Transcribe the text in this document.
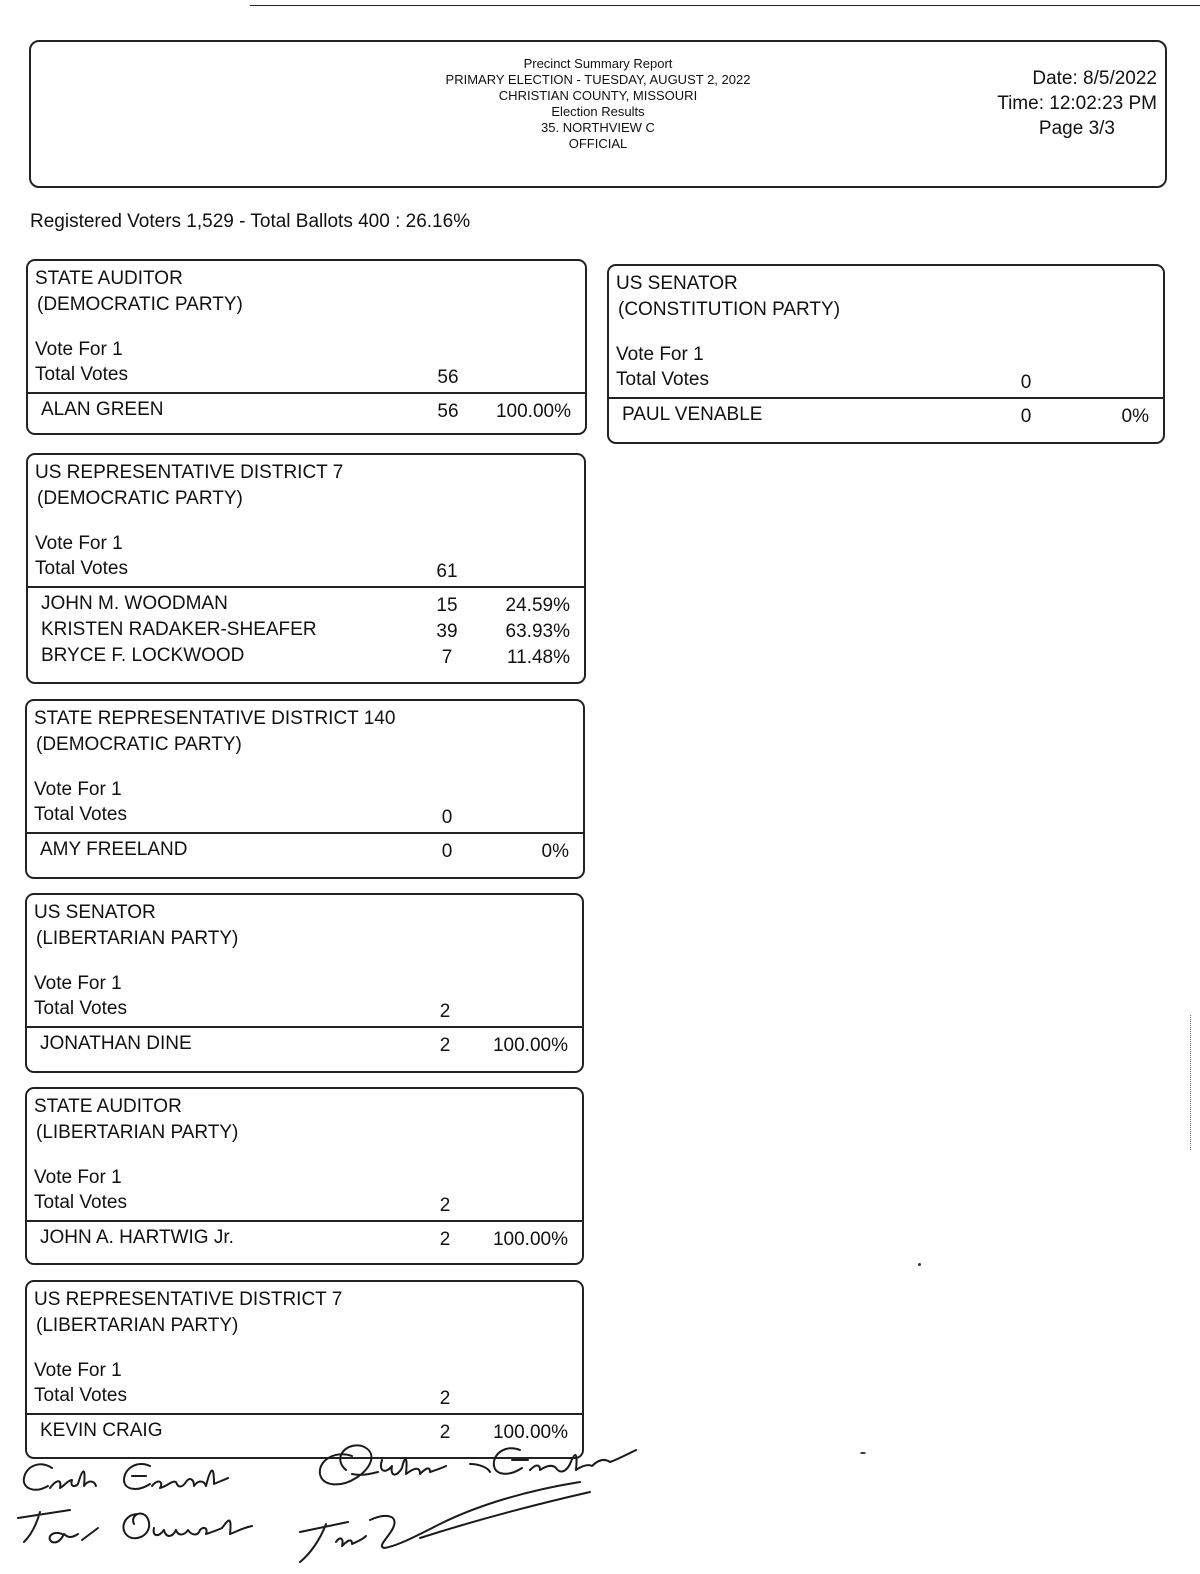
Precinct Summary Report
PRIMARY ELECTION - TUESDAY, AUGUST 2, 2022
CHRISTIAN COUNTY, MISSOURI
Election Results
35. NORTHVIEW C
OFFICIAL
Date: 8/5/2022
Time: 12:02:23 PM
Page 3/3
Registered Voters 1,529 - Total Ballots 400 : 26.16%
STATE AUDITOR
(DEMOCRATIC PARTY)
Vote For 1
Total Votes	56
ALAN GREEN	56	100.00%
US REPRESENTATIVE DISTRICT 7
(DEMOCRATIC PARTY)
Vote For 1
Total Votes	61
JOHN M. WOODMAN	15	24.59%
KRISTEN RADAKER-SHEAFER	39	63.93%
BRYCE F. LOCKWOOD	7	11.48%
STATE REPRESENTATIVE DISTRICT 140
(DEMOCRATIC PARTY)
Vote For 1
Total Votes	0
AMY FREELAND	0	0%
US SENATOR
(LIBERTARIAN PARTY)
Vote For 1
Total Votes	2
JONATHAN DINE	2	100.00%
STATE AUDITOR
(LIBERTARIAN PARTY)
Vote For 1
Total Votes	2
JOHN A. HARTWIG Jr.	2	100.00%
US REPRESENTATIVE DISTRICT 7
(LIBERTARIAN PARTY)
Vote For 1
Total Votes	2
KEVIN CRAIG	2	100.00%
US SENATOR
(CONSTITUTION PARTY)
Vote For 1
Total Votes	0
PAUL VENABLE	0	0%
